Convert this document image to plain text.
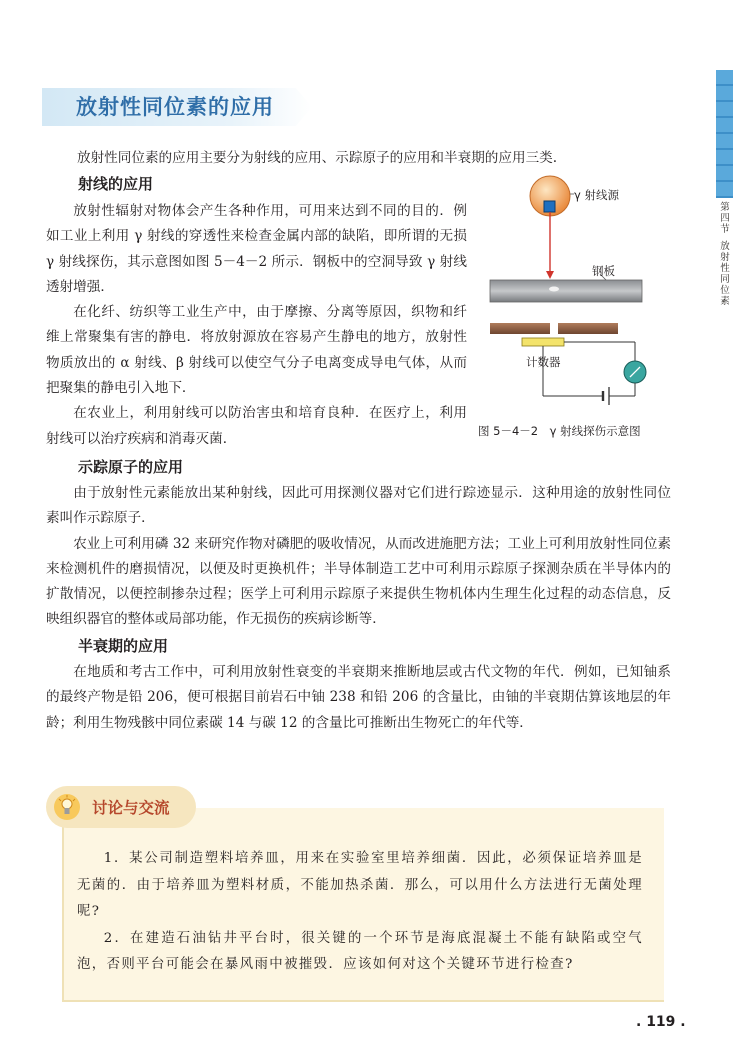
第四节
放射性同位素
放射性同位素的应用
放射性同位素的应用主要分为射线的应用、示踪原子的应用和半衰期的应用三类.
射线的应用

放射性辐射对物体会产生各种作用，可用来达到不同的目的．例如工业上利用 γ 射线的穿透性来检查金属内部的缺陷，即所谓的无损 γ 射线探伤，其示意图如图 5－4－2 所示．钢板中的空洞导致 γ 射线透射增强．

在化纤、纺织等工业生产中，由于摩擦、分离等原因，织物和纤维上常聚集有害的静电．将放射源放在容易产生静电的地方，放射性物质放出的 α 射线、β 射线可以使空气分子电离变成导电气体，从而把聚集的静电引入地下．

在农业上，利用射线可以防治害虫和培育良种．在医疗上，利用射线可以治疗疾病和消毒灭菌．

γ 射线源
钢板
计数器
图 5－4－2　γ 射线探伤示意图
示踪原子的应用

由于放射性元素能放出某种射线，因此可用探测仪器对它们进行踪迹显示．这种用途的放射性同位素叫作示踪原子．

农业上可利用磷 32 来研究作物对磷肥的吸收情况，从而改进施肥方法；工业上可利用放射性同位素来检测机件的磨损情况，以便及时更换机件；半导体制造工艺中可利用示踪原子探测杂质在半导体内的扩散情况，以便控制掺杂过程；医学上可利用示踪原子来提供生物机体内生理生化过程的动态信息，反映组织器官的整体或局部功能，作无损伤的疾病诊断等．

半衰期的应用

在地质和考古工作中，可利用放射性衰变的半衰期来推断地层或古代文物的年代．例如，已知铀系的最终产物是铅 206，便可根据目前岩石中铀 238 和铅 206 的含量比，由铀的半衰期估算该地层的年龄；利用生物残骸中同位素碳 14 与碳 12 的含量比可推断出生物死亡的年代等．

讨论与交流

1．某公司制造塑料培养皿，用来在实验室里培养细菌．因此，必须保证培养皿是无菌的．由于培养皿为塑料材质，不能加热杀菌．那么，可以用什么方法进行无菌处理呢?

2．在建造石油钻井平台时，很关键的一个环节是海底混凝土不能有缺陷或空气泡，否则平台可能会在暴风雨中被摧毁．应该如何对这个关键环节进行检查?

. 119 .
